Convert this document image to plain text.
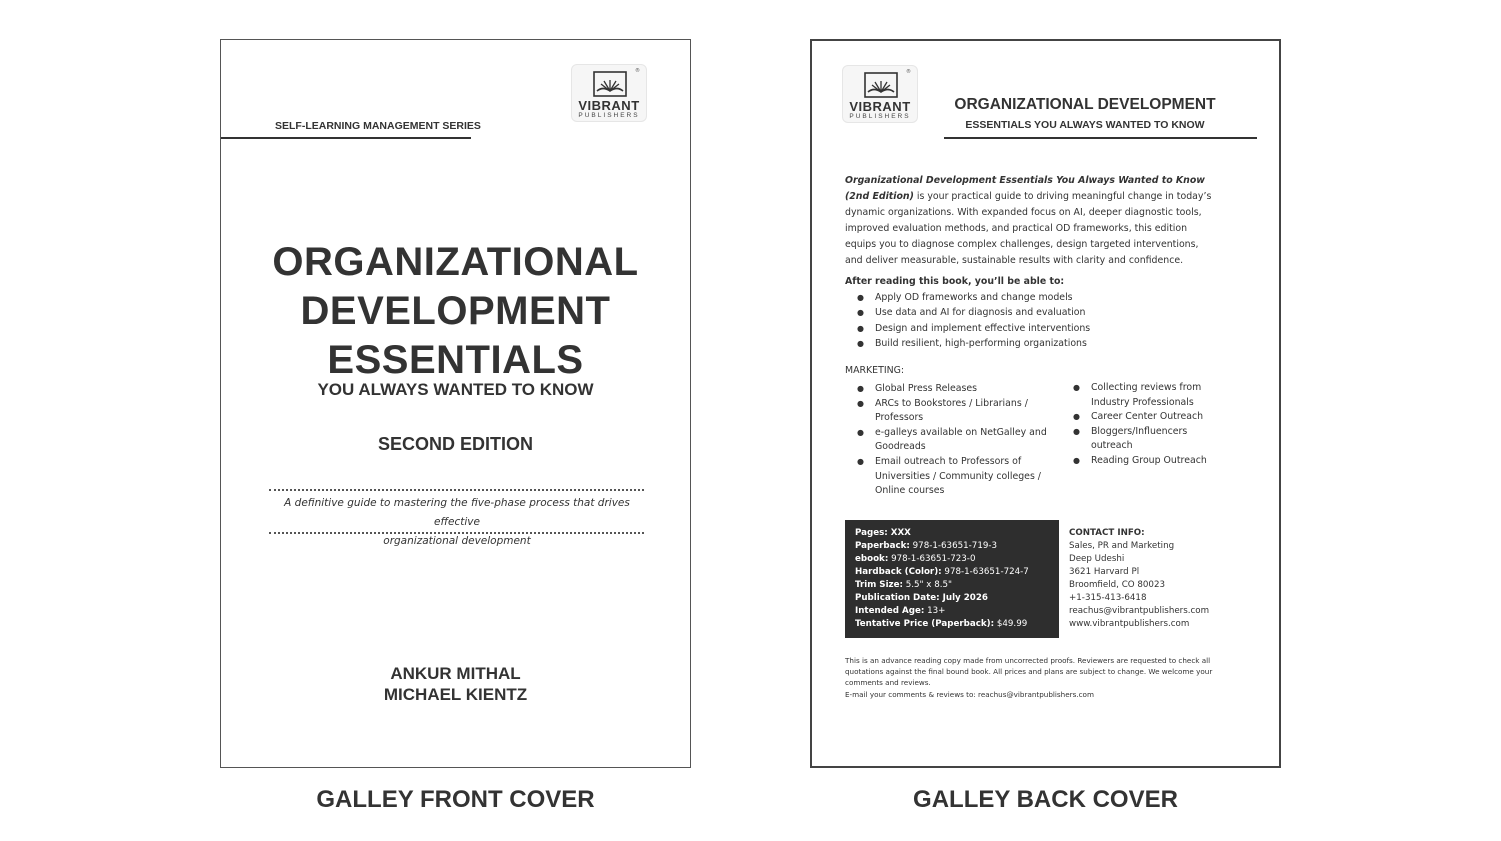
®
VIBRANT
PUBLISHERS
SELF-LEARNING MANAGEMENT SERIES
ORGANIZATIONAL
DEVELOPMENT
ESSENTIALS
YOU ALWAYS WANTED TO KNOW
SECOND EDITION
A definitive guide to mastering the five-phase process that drives effective
organizational development
ANKUR MITHAL
MICHAEL KIENTZ
®
VIBRANT
PUBLISHERS
ORGANIZATIONAL DEVELOPMENT
ESSENTIALS YOU ALWAYS WANTED TO KNOW
Organizational Development Essentials You Always Wanted to Know (2nd Edition) is your practical guide to driving meaningful change in today’s dynamic organizations. With expanded focus on AI, deeper diagnostic tools, improved evaluation methods, and practical OD frameworks, this edition equips you to diagnose complex challenges, design targeted interventions, and deliver measurable, sustainable results with clarity and confidence.
After reading this book, you’ll be able to:
● Apply OD frameworks and change models
● Use data and AI for diagnosis and evaluation
● Design and implement effective interventions
● Build resilient, high-performing organizations
MARKETING:
● Global Press Releases
● ARCs to Bookstores / Librarians /
Professors
● e-galleys available on NetGalley and
Goodreads
● Email outreach to Professors of
Universities / Community colleges /
Online courses
● Collecting reviews from
Industry Professionals
● Career Center Outreach
● Bloggers/Influencers
outreach
● Reading Group Outreach
Pages: XXX
Paperback: 978-1-63651-719-3
ebook: 978-1-63651-723-0
Hardback (Color): 978-1-63651-724-7
Trim Size: 5.5" x 8.5"
Publication Date: July 2026
Intended Age: 13+
Tentative Price (Paperback): $49.99
CONTACT INFO:
Sales, PR and Marketing
Deep Udeshi
3621 Harvard Pl
Broomfield, CO 80023
+1-315-413-6418
reachus@vibrantpublishers.com
www.vibrantpublishers.com
This is an advance reading copy made from uncorrected proofs. Reviewers are requested to check all quotations against the final bound book. All prices and plans are subject to change. We welcome your comments and reviews.
E-mail your comments & reviews to: reachus@vibrantpublishers.com
GALLEY FRONT COVER	GALLEY BACK COVER
